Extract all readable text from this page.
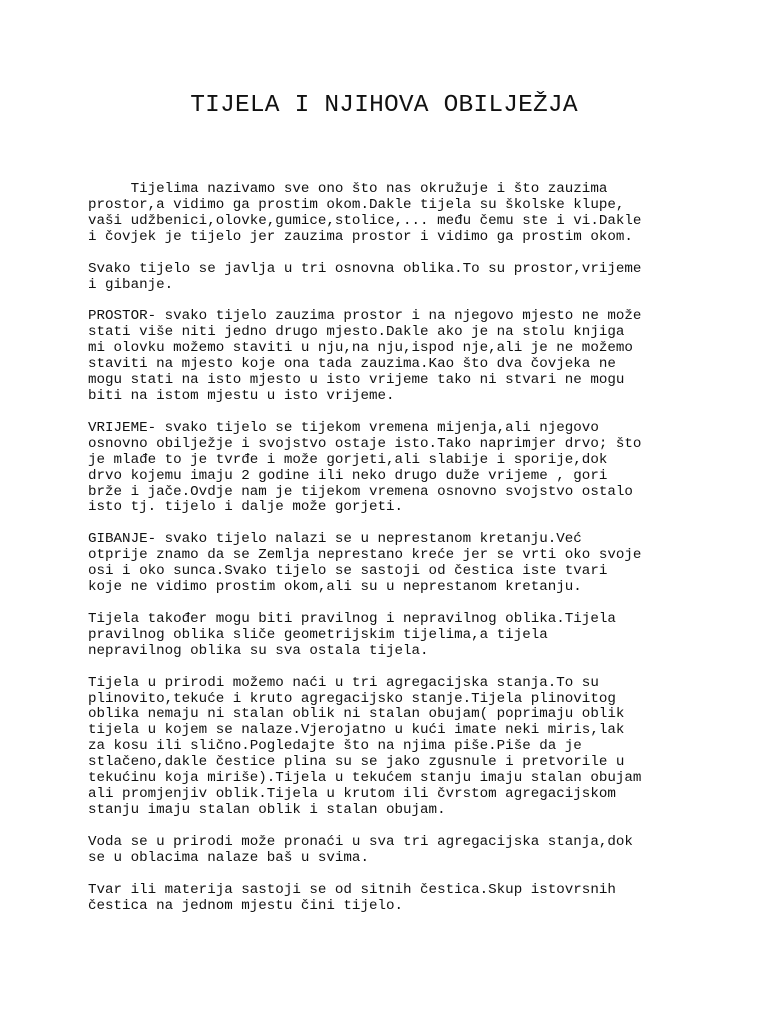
TIJELA I NJIHOVA OBILJEŽJA

Tijelima nazivamo sve ono što nas okružuje i što zauzima
prostor,a vidimo ga prostim okom.Dakle tijela su školske klupe,
vaši udžbenici,olovke,gumice,stolice,... među čemu ste i vi.Dakle
i čovjek je tijelo jer zauzima prostor i vidimo ga prostim okom.

Svako tijelo se javlja u tri osnovna oblika.To su prostor,vrijeme
i gibanje.

PROSTOR- svako tijelo zauzima prostor i na njegovo mjesto ne može
stati više niti jedno drugo mjesto.Dakle ako je na stolu knjiga
mi olovku možemo staviti u nju,na nju,ispod nje,ali je ne možemo
staviti na mjesto koje ona tada zauzima.Kao što dva čovjeka ne
mogu stati na isto mjesto u isto vrijeme tako ni stvari ne mogu
biti na istom mjestu u isto vrijeme.

VRIJEME- svako tijelo se tijekom vremena mijenja,ali njegovo
osnovno obilježje i svojstvo ostaje isto.Tako naprimjer drvo; što
je mlađe to je tvrđe i može gorjeti,ali slabije i sporije,dok
drvo kojemu imaju 2 godine ili neko drugo duže vrijeme , gori
brže i jače.Ovdje nam je tijekom vremena osnovno svojstvo ostalo
isto tj. tijelo i dalje može gorjeti.

GIBANJE- svako tijelo nalazi se u neprestanom kretanju.Već
otprije znamo da se Zemlja neprestano kreće jer se vrti oko svoje
osi i oko sunca.Svako tijelo se sastoji od čestica iste tvari
koje ne vidimo prostim okom,ali su u neprestanom kretanju.

Tijela također mogu biti pravilnog i nepravilnog oblika.Tijela
pravilnog oblika sliče geometrijskim tijelima,a tijela
nepravilnog oblika su sva ostala tijela.

Tijela u prirodi možemo naći u tri agregacijska stanja.To su
plinovito,tekuće i kruto agregacijsko stanje.Tijela plinovitog
oblika nemaju ni stalan oblik ni stalan obujam( poprimaju oblik
tijela u kojem se nalaze.Vjerojatno u kući imate neki miris,lak
za kosu ili slično.Pogledajte što na njima piše.Piše da je
stlačeno,dakle čestice plina su se jako zgusnule i pretvorile u
tekućinu koja miriše).Tijela u tekućem stanju imaju stalan obujam
ali promjenjiv oblik.Tijela u krutom ili čvrstom agregacijskom
stanju imaju stalan oblik i stalan obujam.

Voda se u prirodi može pronaći u sva tri agregacijska stanja,dok
se u oblacima nalaze baš u svima.

Tvar ili materija sastoji se od sitnih čestica.Skup istovrsnih
čestica na jednom mjestu čini tijelo.
